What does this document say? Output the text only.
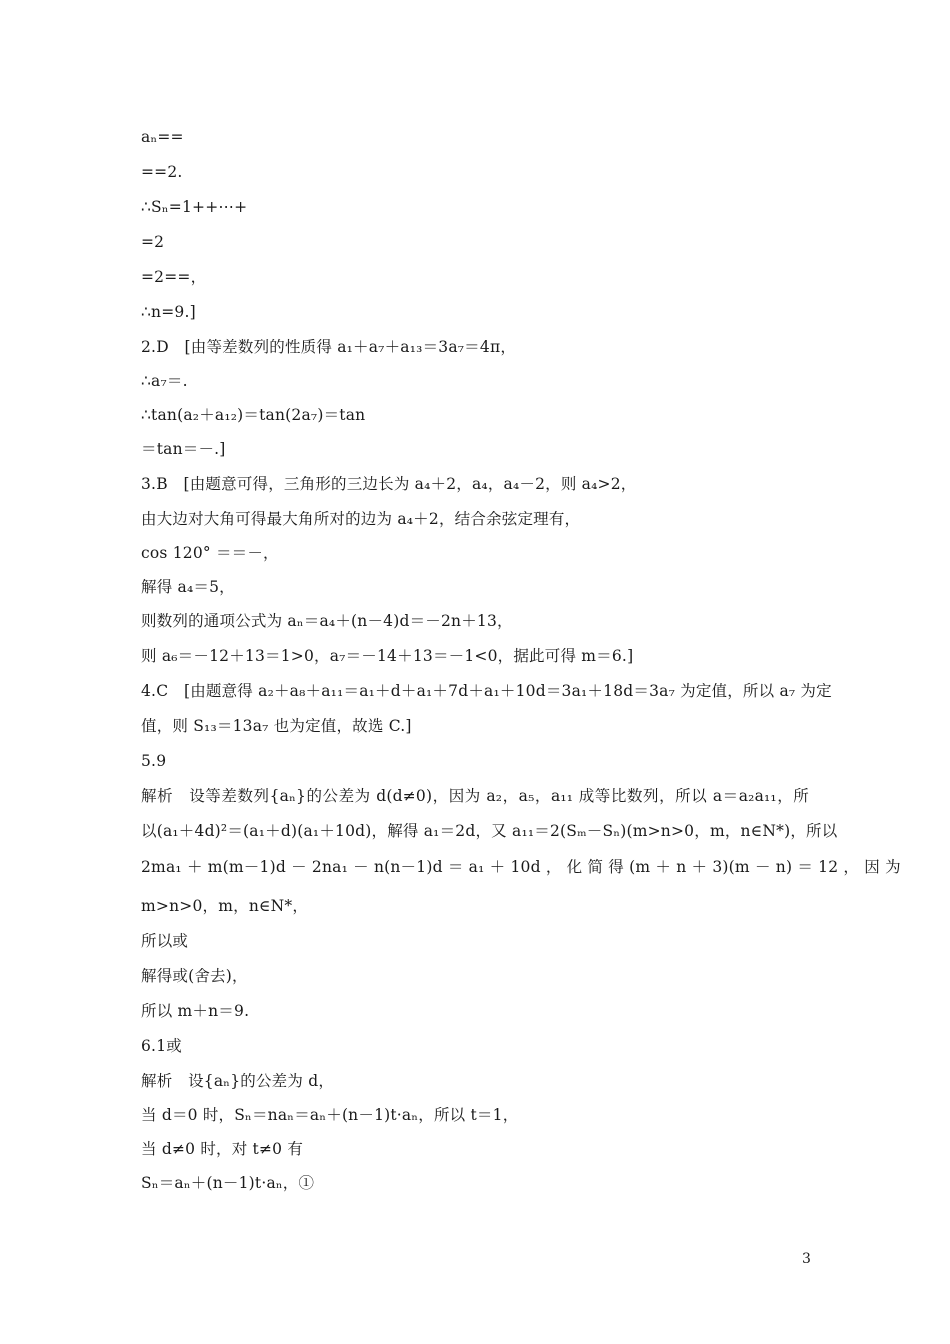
aₙ==
==2.
∴Sₙ=1++⋯+
=2
=2==，
∴n=9.]
2.D　[由等差数列的性质得 a₁＋a₇＋a₁₃＝3a₇＝4π，
∴a₇＝.
∴tan(a₂＋a₁₂)＝tan(2a₇)＝tan
＝tan＝－.]
3.B　[由题意可得，三角形的三边长为 a₄＋2，a₄，a₄－2，则 a₄>2，
由大边对大角可得最大角所对的边为 a₄＋2，结合余弦定理有，
cos 120° ＝＝－，
解得 a₄＝5，
则数列的通项公式为 aₙ＝a₄＋(n－4)d＝－2n＋13，
则 a₆＝－12＋13＝1>0，a₇＝－14＋13＝－1<0，据此可得 m＝6.]
4.C　[由题意得 a₂＋a₈＋a₁₁＝a₁＋d＋a₁＋7d＋a₁＋10d＝3a₁＋18d＝3a₇ 为定值，所以 a₇ 为定
值，则 S₁₃＝13a₇ 也为定值，故选 C.]
5.9
解析　设等差数列{aₙ}的公差为 d(d≠0)，因为 a₂，a₅，a₁₁ 成等比数列，所以 a＝a₂a₁₁，所
以(a₁＋4d)²＝(a₁＋d)(a₁＋10d)，解得 a₁＝2d，又 a₁₁＝2(Sₘ－Sₙ)(m>n>0，m，n∈N*)，所以
2ma₁ ＋ m(m－1)d － 2na₁ － n(n－1)d ＝ a₁ ＋ 10d ， 化 简 得 (m ＋ n ＋ 3)(m － n) ＝ 12 ， 因 为
m>n>0，m，n∈N*，
所以或
解得或(舍去)，
所以 m＋n＝9.
6.1或
解析　设{aₙ}的公差为 d，
当 d＝0 时，Sₙ＝naₙ＝aₙ＋(n－1)t·aₙ，所以 t＝1，
当 d≠0 时，对 t≠0 有
Sₙ＝aₙ＋(n－1)t·aₙ，①
3
